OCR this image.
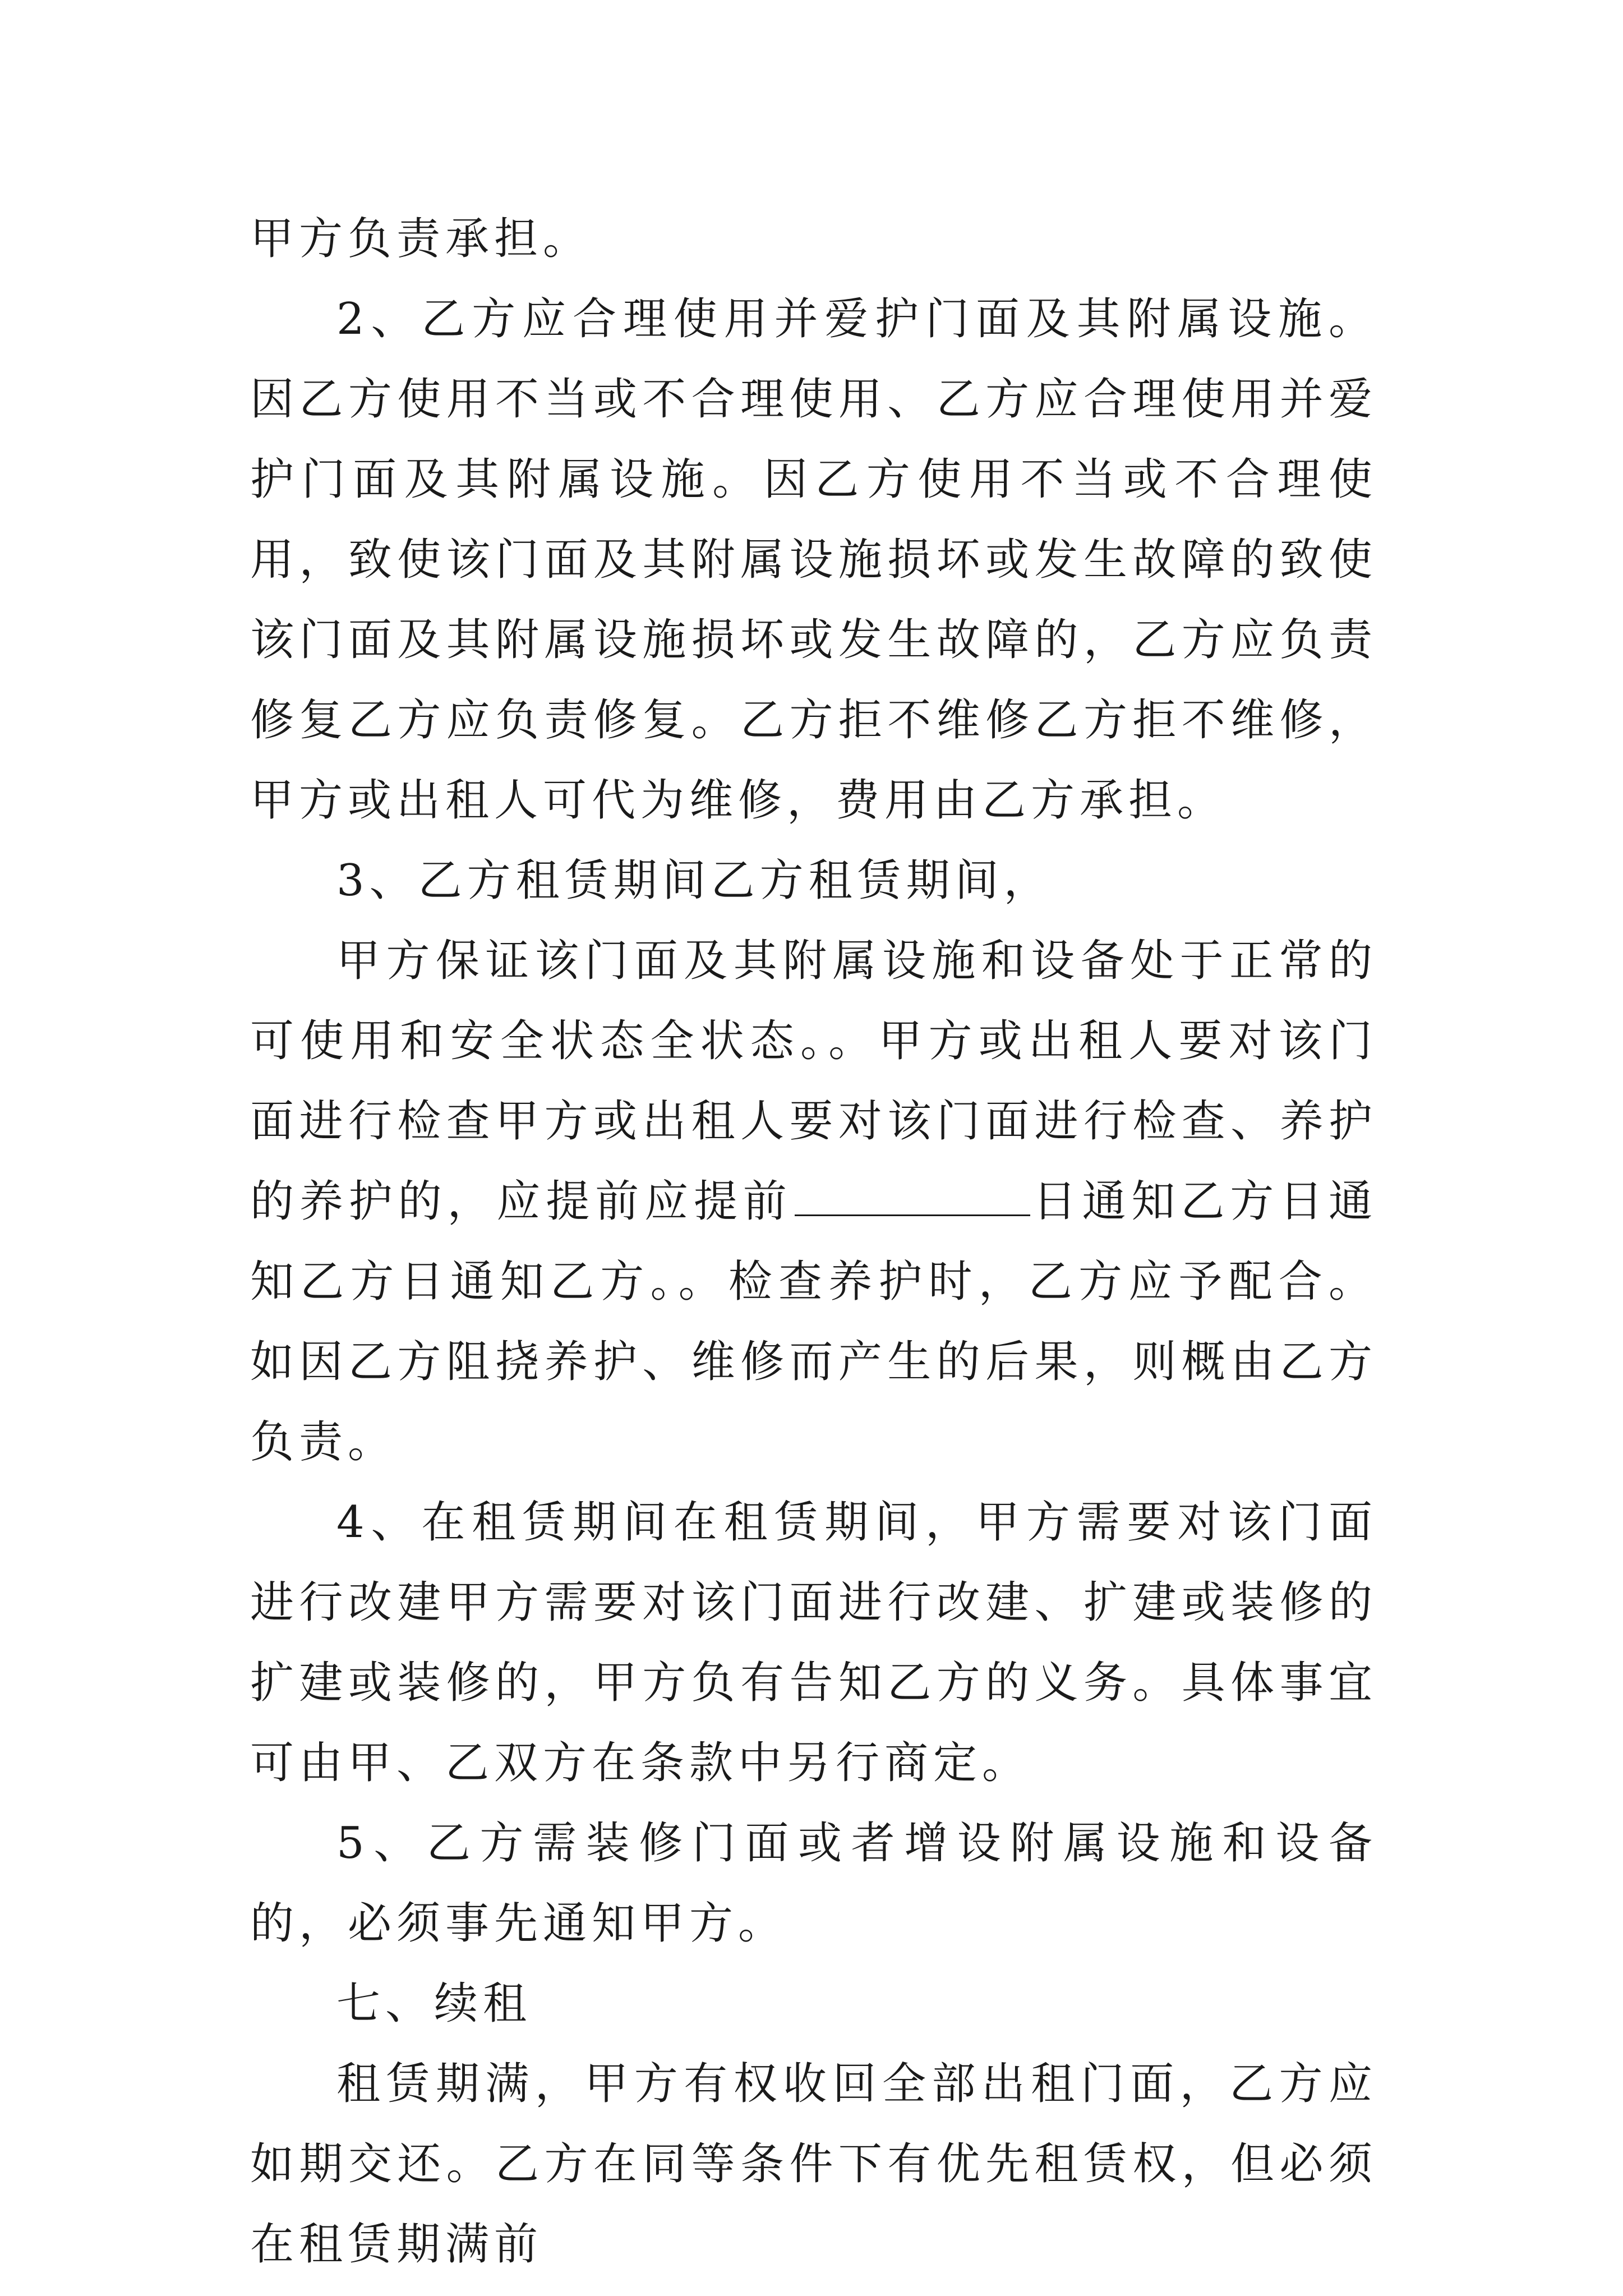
甲方负责承担。

2、乙方应合理使用并爱护门面及其附属设施。因乙方使用不当或不合理使用、乙方应合理使用并爱护门面及其附属设施。因乙方使用不当或不合理使用，致使该门面及其附属设施损坏或发生故障的致使该门面及其附属设施损坏或发生故障的，乙方应负责修复乙方应负责修复。乙方拒不维修乙方拒不维修，甲方或出租人可代为维修，费用由乙方承担。

3、乙方租赁期间乙方租赁期间，

甲方保证该门面及其附属设施和设备处于正常的可使用和安全状态全状态。。甲方或出租人要对该门面进行检查甲方或出租人要对该门面进行检查、养护的养护的，应提前应提前	日通知乙方日通知乙方日通知乙方。。检查养护时，乙方应予配合。如因乙方阻挠养护、维修而产生的后果，则概由乙方负责。

4、在租赁期间在租赁期间，甲方需要对该门面进行改建甲方需要对该门面进行改建、扩建或装修的扩建或装修的，甲方负有告知乙方的义务。具体事宜可由甲、乙双方在条款中另行商定。

5、乙方需装修门面或者增设附属设施和设备的，必须事先通知甲方。

七、续租

租赁期满，甲方有权收回全部出租门面，乙方应如期交还。乙方在同等条件下有优先租赁权，但必须在租赁期满前
